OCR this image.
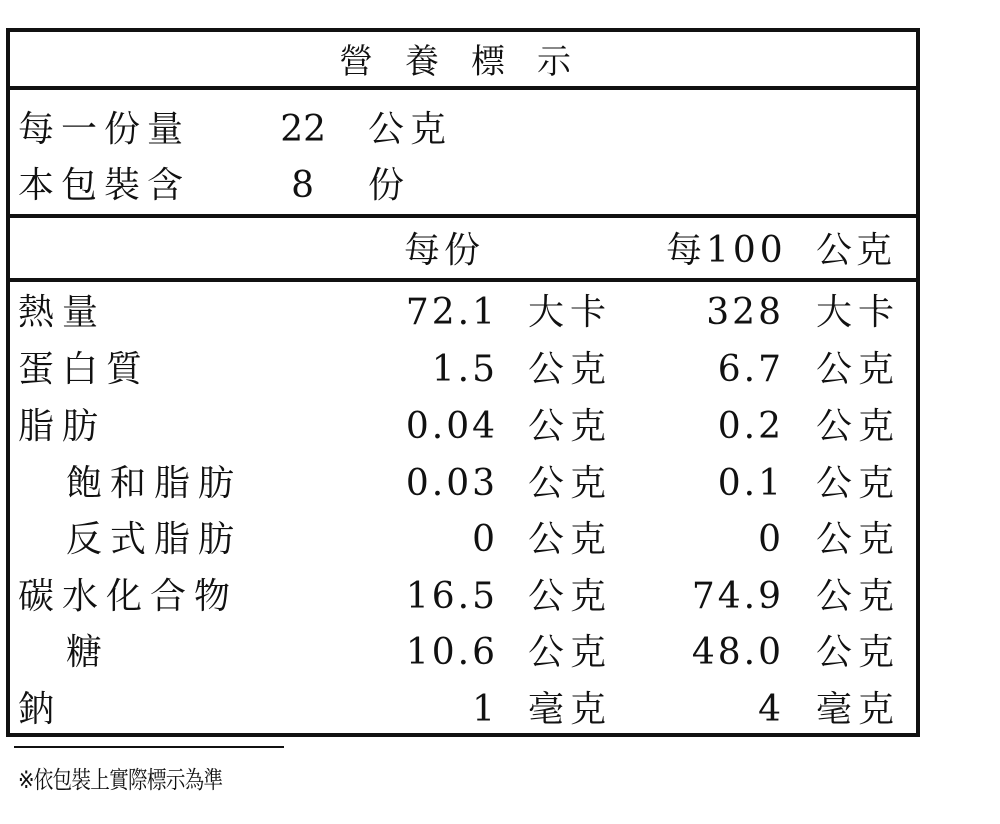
營養標示
每一份量	22 公克
本包裝含	8 份
每份	每100 公克
熱量	72.1 大卡	328 大卡
蛋白質	1.5 公克	6.7 公克
脂肪	0.04 公克	0.2 公克
飽和脂肪	0.03 公克	0.1 公克
反式脂肪	0 公克	0 公克
碳水化合物	16.5 公克 74.9 公克
糖	10.6 公克 48.0 公克
鈉	1 毫克	4 毫克
※依包裝上實際標示為準
